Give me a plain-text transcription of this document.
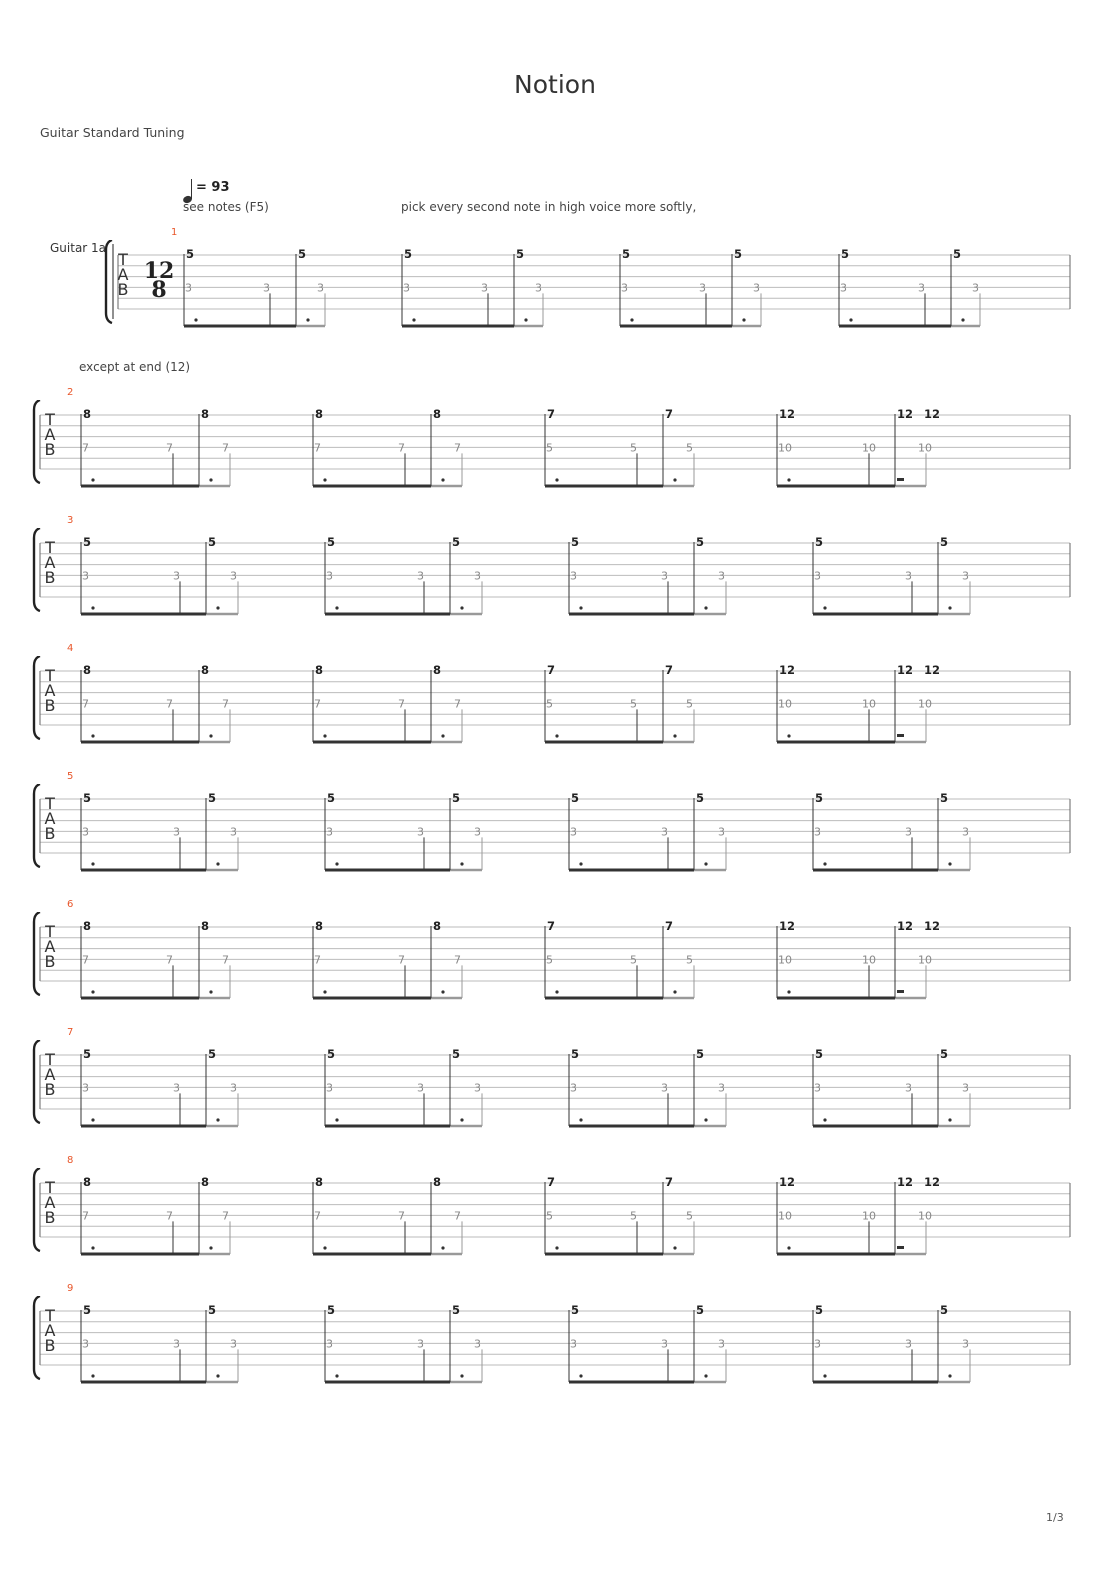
Notion
Guitar Standard Tuning
= 93
see notes (F5)	pick every second note in high voice more softly,
except at end (12)
Guitar 1a
1
T
A
B
12
8
5	5
3	3	3
5	5
3	3	3
5	5
3	3	3
5	5
3	3	3
2
T
A
B
8	8
7	7	7
8	8
7	7	7
7	7
5	5	5
12	12
10	10	10
12
3
T
A
B
5	5
3	3	3
5	5
3	3	3
5	5
3	3	3
5	5
3	3	3
4
T
A
B
8	8
7	7	7
8	8
7	7	7
7	7
5	5	5
12	12
10	10	10
12
5
T
A
B
5	5
3	3	3
5	5
3	3	3
5	5
3	3	3
5	5
3	3	3
6
T
A
B
8	8
7	7	7
8	8
7	7	7
7	7
5	5	5
12	12
10	10	10
12
7
T
A
B
5	5
3	3	3
5	5
3	3	3
5	5
3	3	3
5	5
3	3	3
8
T
A
B
8	8
7	7	7
8	8
7	7	7
7	7
5	5	5
12	12
10	10	10
12
9
T
A
B
5	5
3	3	3
5	5
3	3	3
5	5
3	3	3
5	5
3	3	3
1/3
